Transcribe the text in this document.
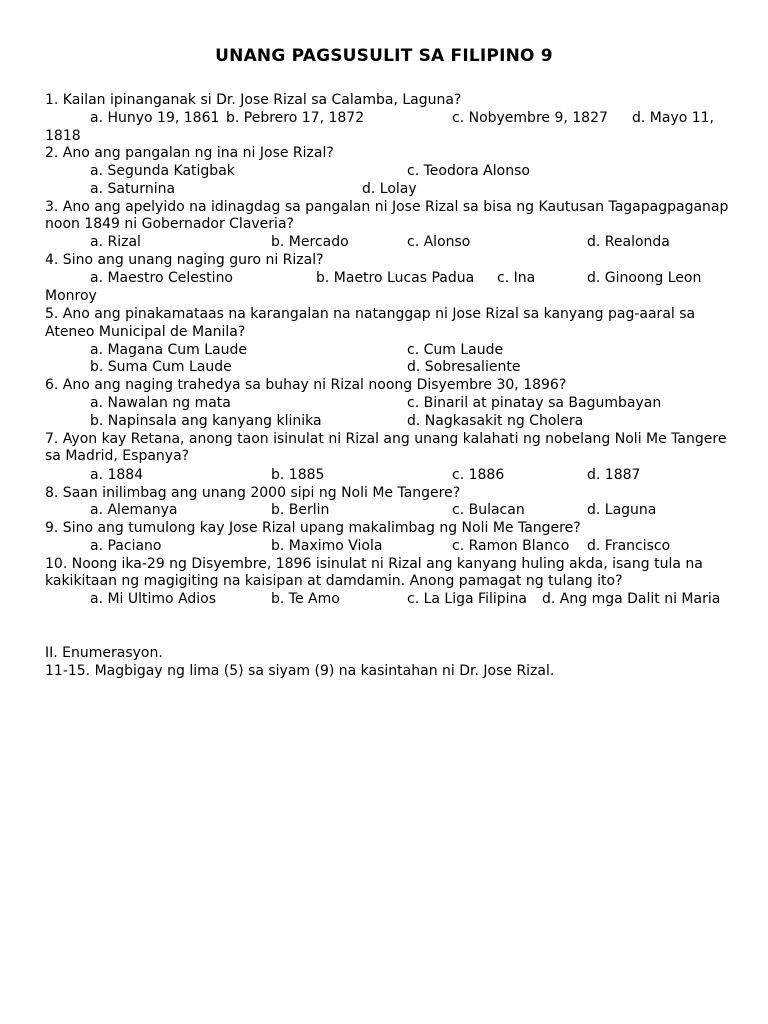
UNANG PAGSUSULIT SA FILIPINO 9
1. Kailan ipinanganak si Dr. Jose Rizal sa Calamba, Laguna?
a. Hunyo 19, 1861 b. Pebrero 17, 1872	c. Nobyembre 9, 1827 d. Mayo 11,
1818
2. Ano ang pangalan ng ina ni Jose Rizal?
a. Segunda Katigbak	c. Teodora Alonso
a. Saturnina	d. Lolay
3. Ano ang apelyido na idinagdag sa pangalan ni Jose Rizal sa bisa ng Kautusan Tagapagpaganap
noon 1849 ni Gobernador Claveria?
a. Rizal	b. Mercado	c. Alonso	d. Realonda
4. Sino ang unang naging guro ni Rizal?
a. Maestro Celestino	b. Maetro Lucas Padua c. Ina	d. Ginoong Leon
Monroy
5. Ano ang pinakamataas na karangalan na natanggap ni Jose Rizal sa kanyang pag-aaral sa
Ateneo Municipal de Manila?
a. Magana Cum Laude	c. Cum Laude
b. Suma Cum Laude	d. Sobresaliente
6. Ano ang naging trahedya sa buhay ni Rizal noong Disyembre 30, 1896?
a. Nawalan ng mata	c. Binaril at pinatay sa Bagumbayan
b. Napinsala ang kanyang klinika	d. Nagkasakit ng Cholera
7. Ayon kay Retana, anong taon isinulat ni Rizal ang unang kalahati ng nobelang Noli Me Tangere
sa Madrid, Espanya?
a. 1884	b. 1885	c. 1886	d. 1887
8. Saan inilimbag ang unang 2000 sipi ng Noli Me Tangere?
a. Alemanya	b. Berlin	c. Bulacan	d. Laguna
9. Sino ang tumulong kay Jose Rizal upang makalimbag ng Noli Me Tangere?
a. Paciano	b. Maximo Viola	c. Ramon Blanco d. Francisco
10. Noong ika-29 ng Disyembre, 1896 isinulat ni Rizal ang kanyang huling akda, isang tula na
kakikitaan ng magigiting na kaisipan at damdamin. Anong pamagat ng tulang ito?
a. Mi Ultimo Adios	b. Te Amo	c. La Liga Filipina d. Ang mga Dalit ni Maria
II. Enumerasyon.
11-15. Magbigay ng lima (5) sa siyam (9) na kasintahan ni Dr. Jose Rizal.
